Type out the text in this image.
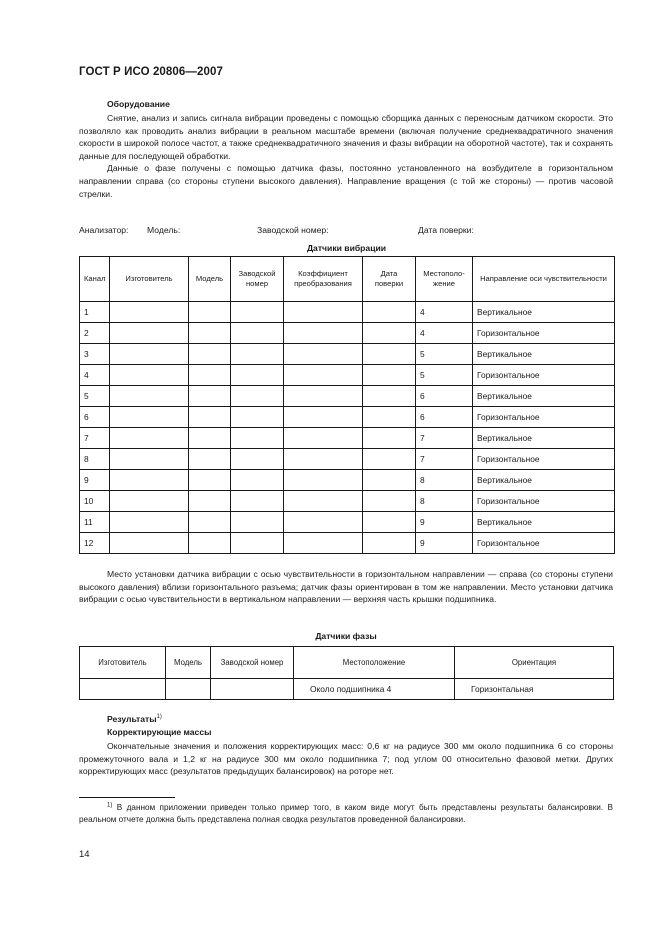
ГОСТ Р ИСО 20806—2007
Оборудование

Снятие, анализ и запись сигнала вибрации проведены с помощью сборщика данных с переносным датчиком скорости. Это позволяло как проводить анализ вибрации в реальном масштабе времени (включая получение среднеквадратичного значения скорости в широкой полосе частот, а также среднеквадратичного значения и фазы вибрации на оборотной частоте), так и сохранять данные для последующей обработки.

Данные о фазе получены с помощью датчика фазы, постоянно установленного на возбудителе в горизонтальном направлении справа (со стороны ступени высокого давления). Направление вращения (с той же стороны) — против часовой стрелки.

Анализатор: Модель:	Заводской номер:	Дата поверки:
Датчики вибрации
Канал	Изготовитель	Модель	Заводской номер	Коэффициент преобразования	Дата поверки	Местополо-жение	Направление оси чувствительности
1						4	Вертикальное
2						4	Горизонтальное
3						5	Вертикальное
4						5	Горизонтальное
5						6	Вертикальное
6						6	Горизонтальное
7						7	Вертикальное
8						7	Горизонтальное
9						8	Вертикальное
10						8	Горизонтальное
11						9	Вертикальное
12						9	Горизонтальное
Место установки датчика вибрации с осью чувствительности в горизонтальном направлении — справа (со стороны ступени высокого давления) вблизи горизонтального разъема; датчик фазы ориентирован в том же направлении. Место установки датчика вибрации с осью чувствительности в вертикальном направлении — верхняя часть крышки подшипника.
Датчики фазы
Изготовитель	Модель	Заводской номер	Местоположение	Ориентация
			Около подшипника 4	Горизонтальная
Результаты$^{1)}$
Корректирующие массы
Окончательные значения и положения корректирующих масс: 0,6 кг на радиусе 300 мм около подшипника 6 со стороны промежуточного вала и 1,2 кг на радиусе 300 мм около подшипника 7; под углом 00 относительно фазовой метки. Других корректирующих масс (результатов предыдущих балансировок) на роторе нет.
$^{1)}$ В данном приложении приведен только пример того, в каком виде могут быть представлены результаты балансировки. В реальном отчете должна быть представлена полная сводка результатов проведенной балансировки.
14
